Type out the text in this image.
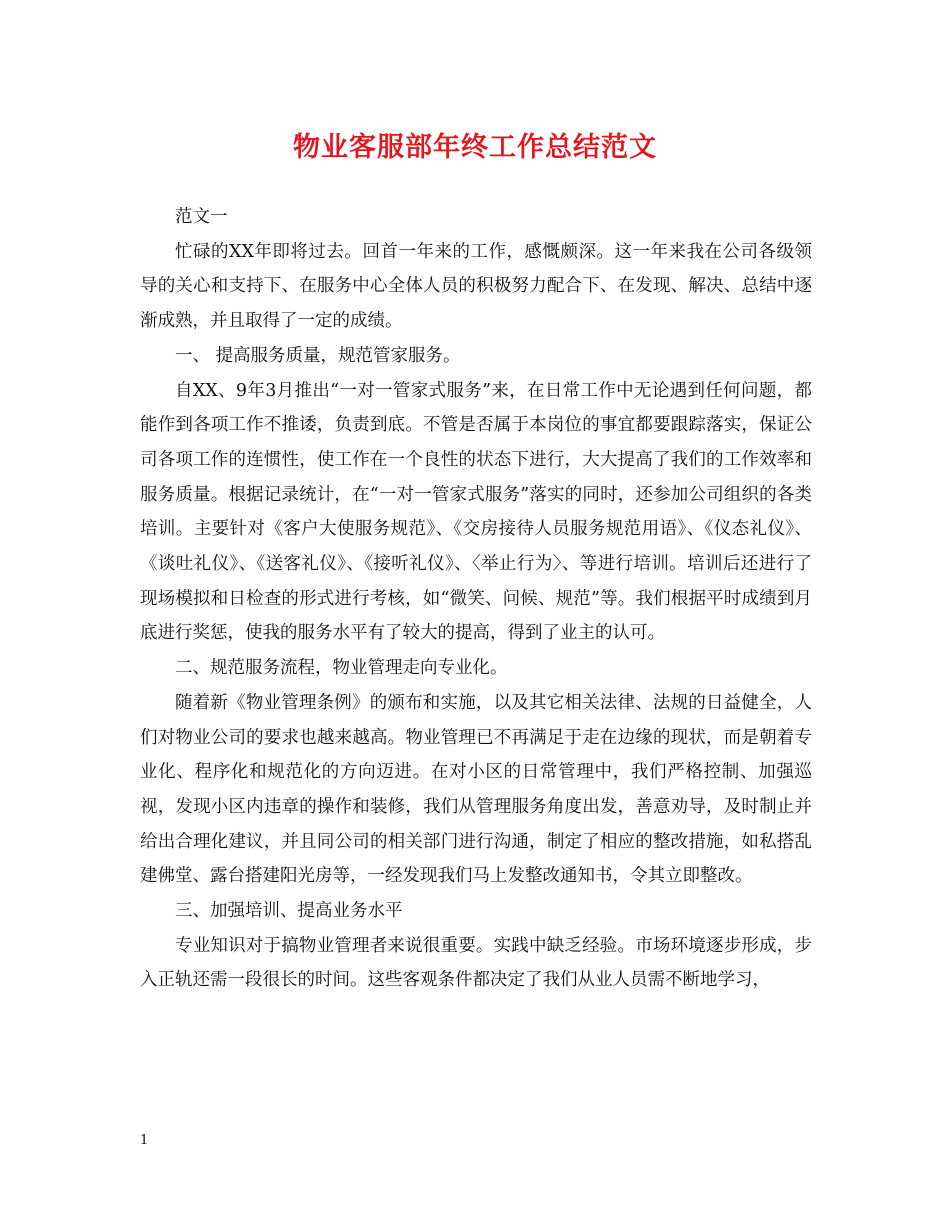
物业客服部年终工作总结范文

范文一

忙碌的XX年即将过去。回首一年来的工作，感慨颇深。这一年来我在公司各级领导的关心和支持下、在服务中心全体人员的积极努力配合下、在发现、解决、总结中逐渐成熟，并且取得了一定的成绩。

一、 提高服务质量，规范管家服务。

自XX、9年3月推出“一对一管家式服务”来，在日常工作中无论遇到任何问题，都能作到各项工作不推诿，负责到底。不管是否属于本岗位的事宜都要跟踪落实，保证公司各项工作的连惯性，使工作在一个良性的状态下进行，大大提高了我们的工作效率和服务质量。根据记录统计，在“一对一管家式服务”落实的同时，还参加公司组织的各类培训。主要针对《客户大使服务规范》、《交房接待人员服务规范用语》、《仪态礼仪》、《谈吐礼仪》、《送客礼仪》、《接听礼仪》、〈举止行为〉、等进行培训。培训后还进行了现场模拟和日检查的形式进行考核，如“微笑、问候、规范”等。我们根据平时成绩到月底进行奖惩，使我的服务水平有了较大的提高，得到了业主的认可。

二、规范服务流程，物业管理走向专业化。

随着新《物业管理条例》的颁布和实施，以及其它相关法律、法规的日益健全，人们对物业公司的要求也越来越高。物业管理已不再满足于走在边缘的现状，而是朝着专业化、程序化和规范化的方向迈进。在对小区的日常管理中，我们严格控制、加强巡视，发现小区内违章的操作和装修，我们从管理服务角度出发，善意劝导，及时制止并给出合理化建议，并且同公司的相关部门进行沟通，制定了相应的整改措施，如私搭乱建佛堂、露台搭建阳光房等，一经发现我们马上发整改通知书，令其立即整改。

三、加强培训、提高业务水平

专业知识对于搞物业管理者来说很重要。实践中缺乏经验。市场环境逐步形成，步入正轨还需一段很长的时间。这些客观条件都决定了我们从业人员需不断地学习，

1
